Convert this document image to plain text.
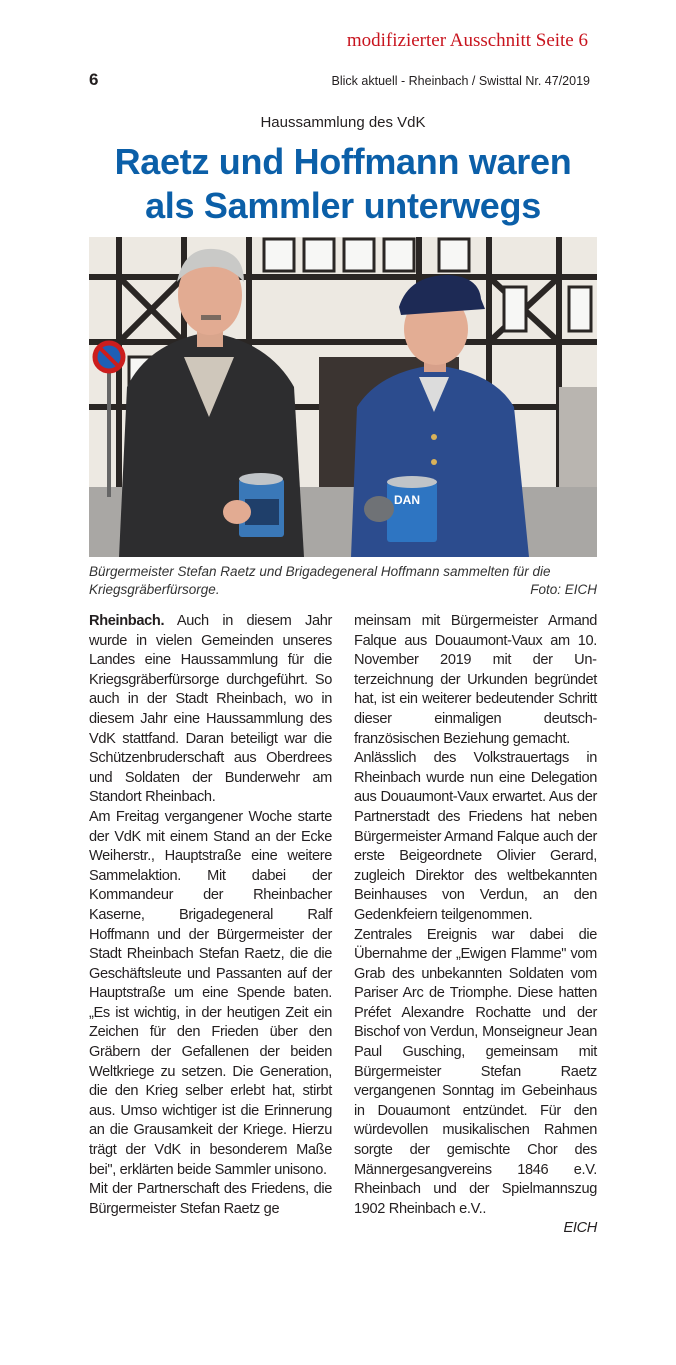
modifizierter Ausschnitt Seite 6
6	Blick aktuell - Rheinbach / Swisttal Nr. 47/2019
Haussammlung des VdK
Raetz und Hoffmann waren als Sammler unterwegs
DAN
Bürgermeister Stefan Raetz und Brigadegeneral Hoffmann sammelten für die Kriegsgräberfürsorge.	Foto: EICH

Rheinbach. Auch in diesem Jahr wurde in vielen Gemeinden unseres Landes eine Haussammlung für die Kriegsgräberfürsorge durchgeführt. So auch in der Stadt Rheinbach, wo in diesem Jahr eine Haussammlung des VdK stattfand. Daran beteiligt war die Schützenbruderschaft aus Oberdrees und Soldaten der Bunderwehr am Standort Rheinbach.

Am Freitag vergangener Woche starte der VdK mit einem Stand an der Ecke Weiherstr., Hauptstraße eine weitere Sammelaktion. Mit dabei der Kommandeur der Rheinbacher Kaserne, Brigadegeneral Ralf Hoffmann und der Bürgermeister der Stadt Rheinbach Stefan Raetz, die die Geschäftsleute und Passanten auf der Hauptstraße um eine Spende baten. „Es ist wichtig, in der heutigen Zeit ein Zeichen für den Frieden über den Gräbern der Gefallenen der beiden Weltkriege zu setzen. Die Generation, die den Krieg selber erlebt hat, stirbt aus. Umso wichtiger ist die Erinnerung an die Grausamkeit der Kriege. Hierzu trägt der VdK in besonderem Maße bei", erklärten beide Sammler unisono.

Mit der Partnerschaft des Friedens, die Bürgermeister Stefan Raetz ge

meinsam mit Bürgermeister Armand Falque aus Douaumont-Vaux am 10. November 2019 mit der Unterzeichnung der Urkunden begründet hat, ist ein weiterer bedeutender Schritt dieser einmaligen deutsch-französischen Beziehung gemacht.

Anlässlich des Volkstrauertags in Rheinbach wurde nun eine Delegation aus Douaumont-Vaux erwartet. Aus der Partnerstadt des Friedens hat neben Bürgermeister Armand Falque auch der erste Beigeordnete Olivier Gerard, zugleich Direktor des weltbekannten Beinhauses von Verdun, an den Gedenkfeiern teilgenommen.

Zentrales Ereignis war dabei die Übernahme der „Ewigen Flamme" vom Grab des unbekannten Soldaten vom Pariser Arc de Triomphe. Diese hatten Préfet Alexandre Rochatte und der Bischof von Verdun, Monseigneur Jean Paul Gusching, gemeinsam mit Bürgermeister Stefan Raetz vergangenen Sonntag im Gebeinhaus in Douaumont entzündet. Für den würdevollen musikalischen Rahmen sorgte der gemischte Chor des Männergesangvereins 1846 e.V. Rheinbach und der Spielmannszug 1902 Rheinbach e.V..

EICH
